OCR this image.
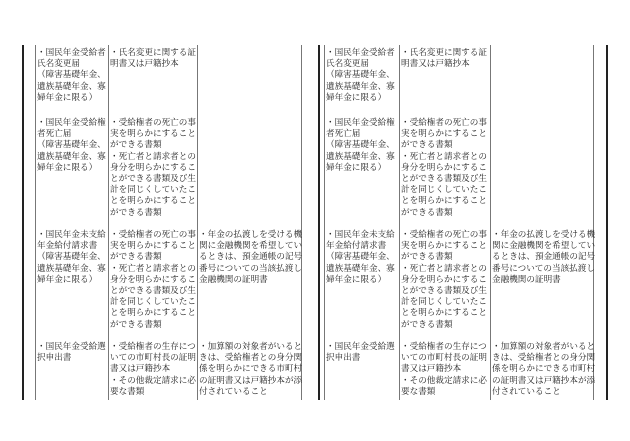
・国民年金受給者
氏名変更届
（障害基礎年金、
遺族基礎年金、寡
婦年金に限る）
・氏名変更に関する証
明書又は戸籍抄本
・国民年金受給権
者死亡届
（障害基礎年金、
遺族基礎年金、寡
婦年金に限る）
・受給権者の死亡の事
実を明らかにすること
ができる書類
・死亡者と請求者との
身分を明らかにするこ
とができる書類及び生
計を同じくしていたこ
とを明らかにすること
ができる書類
・国民年金未支給
年金給付請求書
（障害基礎年金、
遺族基礎年金、寡
婦年金に限る）
・受給権者の死亡の事
実を明らかにすること
ができる書類
・死亡者と請求者との
身分を明らかにするこ
とができる書類及び生
計を同じくしていたこ
とを明らかにすること
ができる書類
・年金の払渡しを受ける機
関に金融機関を希望してい
るときは、預金通帳の記号
番号についての当該払渡し
金融機関の証明書
・国民年金受給選
択申出書
・受給権者の生存につ
いての市町村長の証明
書又は戸籍抄本
・その他裁定請求に必
要な書類
・加算額の対象者がいると
きは、受給権者との身分関
係を明らかにできる市町村
の証明書又は戸籍抄本が添
付されていること
・国民年金受給者
氏名変更届
（障害基礎年金、
遺族基礎年金、寡
婦年金に限る）
・氏名変更に関する証
明書又は戸籍抄本
・国民年金受給権
者死亡届
（障害基礎年金、
遺族基礎年金、寡
婦年金に限る）
・受給権者の死亡の事
実を明らかにすること
ができる書類
・死亡者と請求者との
身分を明らかにするこ
とができる書類及び生
計を同じくしていたこ
とを明らかにすること
ができる書類
・国民年金未支給
年金給付請求書
（障害基礎年金、
遺族基礎年金、寡
婦年金に限る）
・受給権者の死亡の事
実を明らかにすること
ができる書類
・死亡者と請求者との
身分を明らかにするこ
とができる書類及び生
計を同じくしていたこ
とを明らかにすること
ができる書類
・年金の払渡しを受ける機
関に金融機関を希望してい
るときは、預金通帳の記号
番号についての当該払渡し
金融機関の証明書
・国民年金受給選
択申出書
・受給権者の生存につ
いての市町村長の証明
書又は戸籍抄本
・その他裁定請求に必
要な書類
・加算額の対象者がいると
きは、受給権者との身分関
係を明らかにできる市町村
の証明書又は戸籍抄本が添
付されていること
